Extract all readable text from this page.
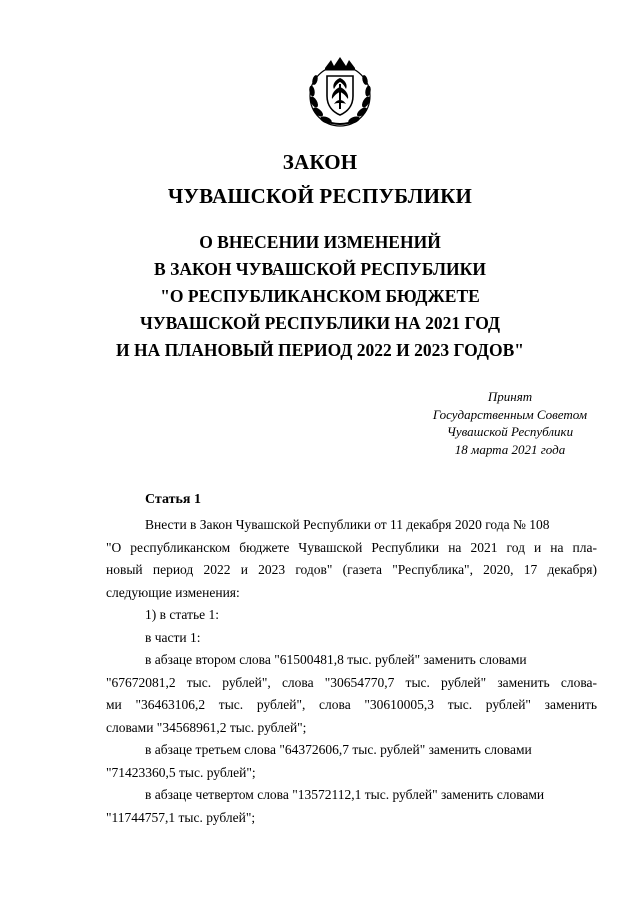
ЗАКОН
ЧУВАШСКОЙ РЕСПУБЛИКИ
О ВНЕСЕНИИ ИЗМЕНЕНИЙ
В ЗАКОН ЧУВАШСКОЙ РЕСПУБЛИКИ
"О РЕСПУБЛИКАНСКОМ БЮДЖЕТЕ
ЧУВАШСКОЙ РЕСПУБЛИКИ НА 2021 ГОД
И НА ПЛАНОВЫЙ ПЕРИОД 2022 И 2023 ГОДОВ"
Принят
Государственным Советом
Чувашской Республики
18 марта 2021 года
Статья 1
Внести в Закон Чувашской Республики от 11 декабря 2020 года № 108
"О республиканском бюджете Чувашской Республики на 2021 год и на пла-
новый период 2022 и 2023 годов" (газета "Республика", 2020, 17 декабря)
следующие изменения:
1) в статье 1:
в части 1:
в абзаце втором слова "61500481,8 тыс. рублей" заменить словами
"67672081,2 тыс. рублей", слова "30654770,7 тыс. рублей" заменить слова-
ми "36463106,2 тыс. рублей", слова "30610005,3 тыс. рублей" заменить
словами "34568961,2 тыс. рублей";
в абзаце третьем слова "64372606,7 тыс. рублей" заменить словами
"71423360,5 тыс. рублей";
в абзаце четвертом слова "13572112,1 тыс. рублей" заменить словами
"11744757,1 тыс. рублей";
